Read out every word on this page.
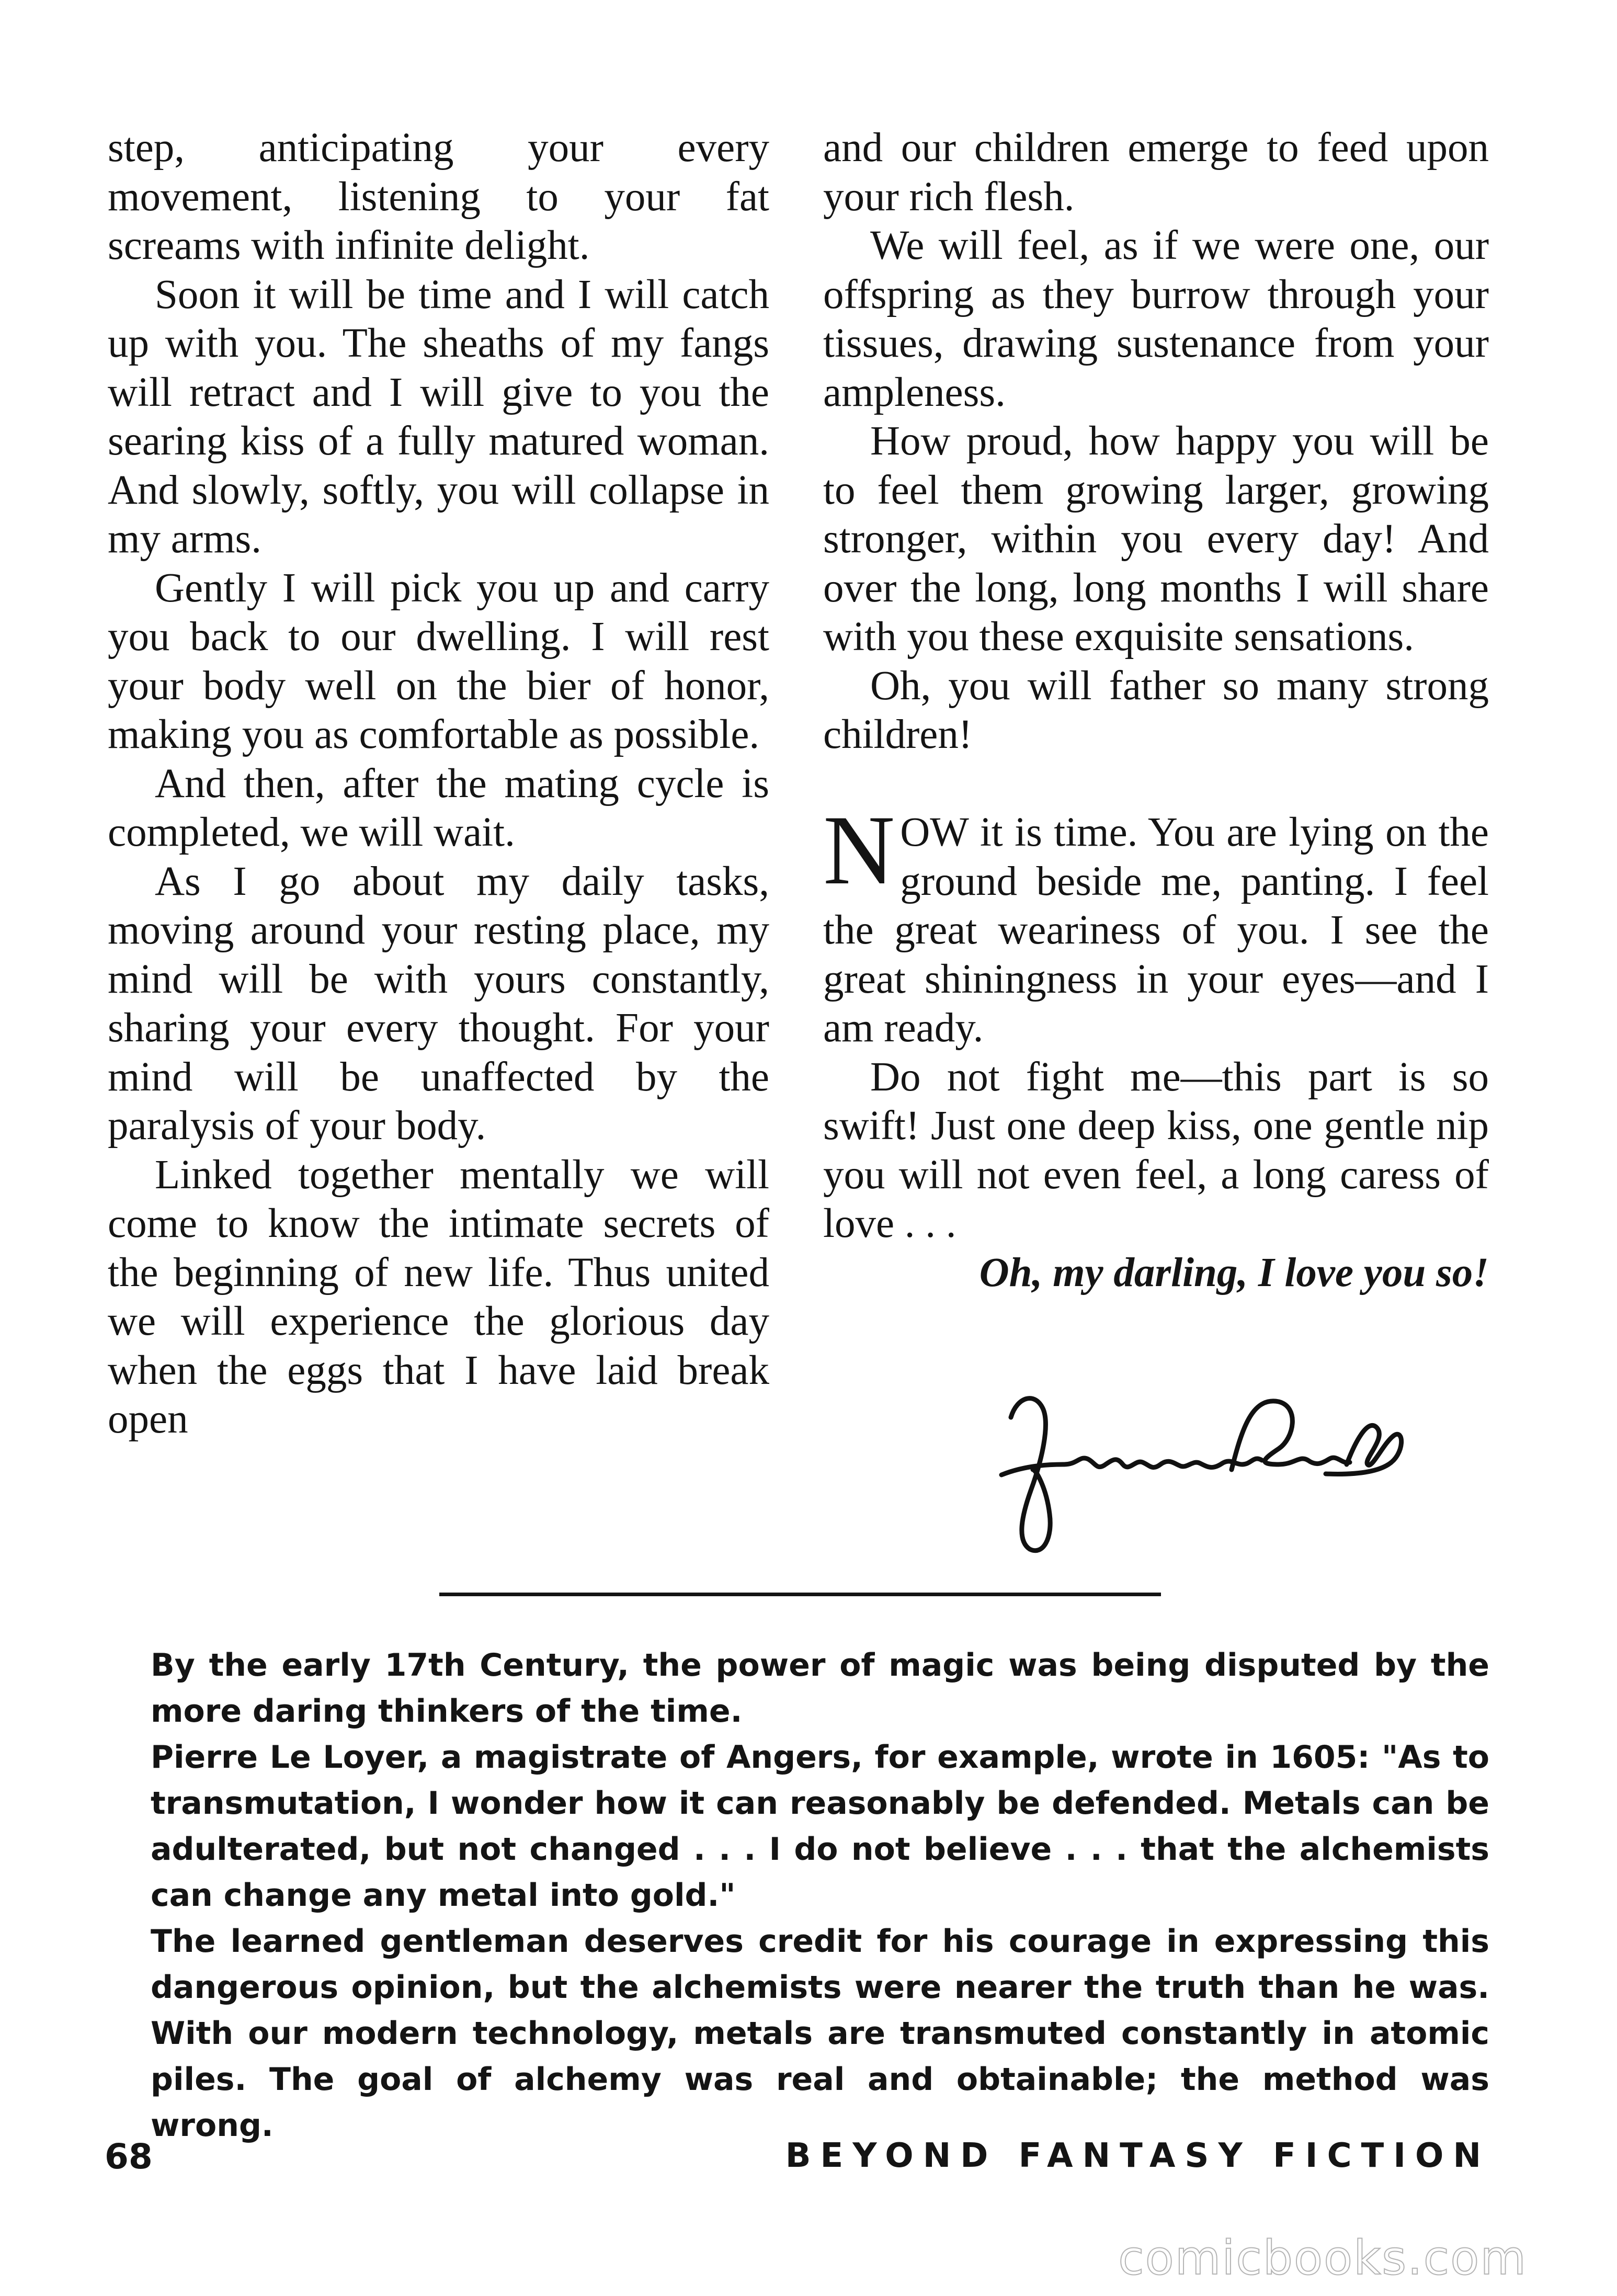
step, anticipating your every movement, listening to your fat screams with infinite delight.

Soon it will be time and I will catch up with you. The sheaths of my fangs will retract and I will give to you the searing kiss of a fully matured woman. And slowly, softly, you will collapse in my arms.

Gently I will pick you up and carry you back to our dwelling. I will rest your body well on the bier of honor, making you as comfortable as possible.

And then, after the mating cycle is completed, we will wait.

As I go about my daily tasks, moving around your resting place, my mind will be with yours constantly, sharing your every thought. For your mind will be unaffected by the paralysis of your body.

Linked together mentally we will come to know the intimate secrets of the beginning of new life. Thus united we will experience the glorious day when the eggs that I have laid break open

and our children emerge to feed upon your rich flesh.

We will feel, as if we were one, our offspring as they burrow through your tissues, drawing sustenance from your ampleness.

How proud, how happy you will be to feel them growing larger, growing stronger, within you every day! And over the long, long months I will share with you these exquisite sensations.

Oh, you will father so many strong children!

NOW it is time. You are lying on the ground beside me, panting. I feel the great weariness of you. I see the great shiningness in your eyes—and I am ready.

Do not fight me—this part is so swift! Just one deep kiss, one gentle nip you will not even feel, a long caress of love . . .

Oh, my darling, I love you so!

By the early 17th Century, the power of magic was being disputed by the more daring thinkers of the time.

Pierre Le Loyer, a magistrate of Angers, for example, wrote in 1605: "As to transmutation, I wonder how it can reasonably be defended. Metals can be adulterated, but not changed . . . I do not believe . . . that the alchemists can change any metal into gold."

The learned gentleman deserves credit for his courage in expressing this dangerous opinion, but the alchemists were nearer the truth than he was. With our modern technology, metals are transmuted constantly in atomic piles. The goal of alchemy was real and obtainable; the method was wrong.

68	BEYOND FANTASY FICTION
comicbooks.com
